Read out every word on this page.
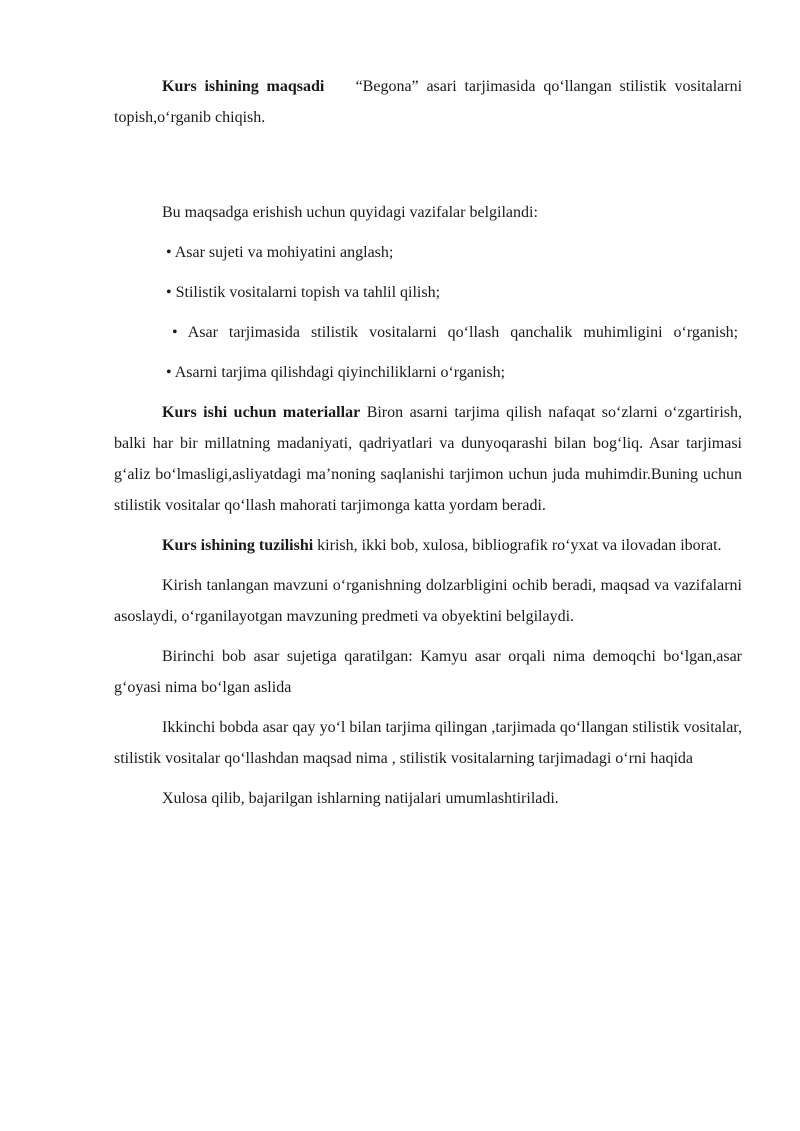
Kurs ishining maqsadi “Begona” asari tarjimasida qo‘llangan stilistik vositalarni topish,o‘rganib chiqish.

Bu maqsadga erishish uchun quyidagi vazifalar belgilandi:

• Asar sujeti va mohiyatini anglash;

• Stilistik vositalarni topish va tahlil qilish;

• Asar tarjimasida stilistik vositalarni qo‘llash qanchalik muhimligini o‘rganish;

• Asarni tarjima qilishdagi qiyinchiliklarni o‘rganish;

Kurs ishi uchun materiallar Biron asarni tarjima qilish nafaqat so‘zlarni o‘zgartirish, balki har bir millatning madaniyati, qadriyatlari va dunyoqarashi bilan bog‘liq. Asar tarjimasi g‘aliz bo‘lmasligi,asliyatdagi ma’noning saqlanishi tarjimon uchun juda muhimdir.Buning uchun stilistik vositalar qo‘llash mahorati tarjimonga katta yordam beradi.

Kurs ishining tuzilishi kirish, ikki bob, xulosa, bibliografik ro‘yxat va ilovadan iborat.

Kirish tanlangan mavzuni o‘rganishning dolzarbligini ochib beradi, maqsad va vazifalarni asoslaydi, o‘rganilayotgan mavzuning predmeti va obyektini belgilaydi.

Birinchi bob asar sujetiga qaratilgan: Kamyu asar orqali nima demoqchi bo‘lgan,asar g‘oyasi nima bo‘lgan aslida

Ikkinchi bobda asar qay yo‘l bilan tarjima qilingan ,tarjimada qo‘llangan stilistik vositalar, stilistik vositalar qo‘llashdan maqsad nima , stilistik vositalarning tarjimadagi o‘rni haqida

Xulosa qilib, bajarilgan ishlarning natijalari umumlashtiriladi.
